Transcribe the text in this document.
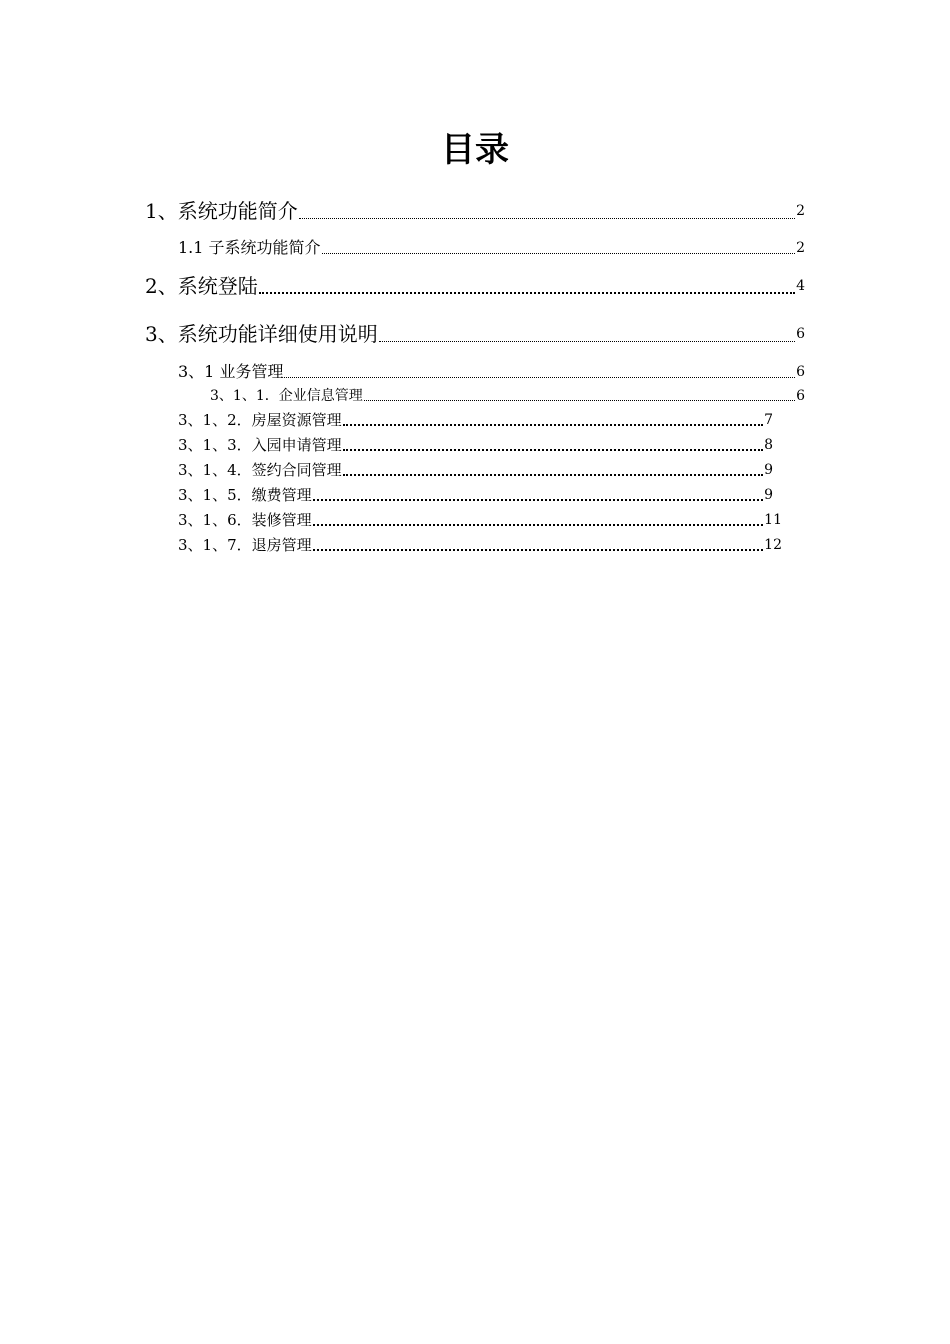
目录
1、系统功能简介	2
1.1 子系统功能简介	2
2、系统登陆	4
3、系统功能详细使用说明	6
3、1 业务管理	6
3、1、1．企业信息管理	6
3、1、2．房屋资源管理	7
3、1、3．入园申请管理	8
3、1、4．签约合同管理	9
3、1、5．缴费管理	9
3、1、6．装修管理	11
3、1、7．退房管理	12
